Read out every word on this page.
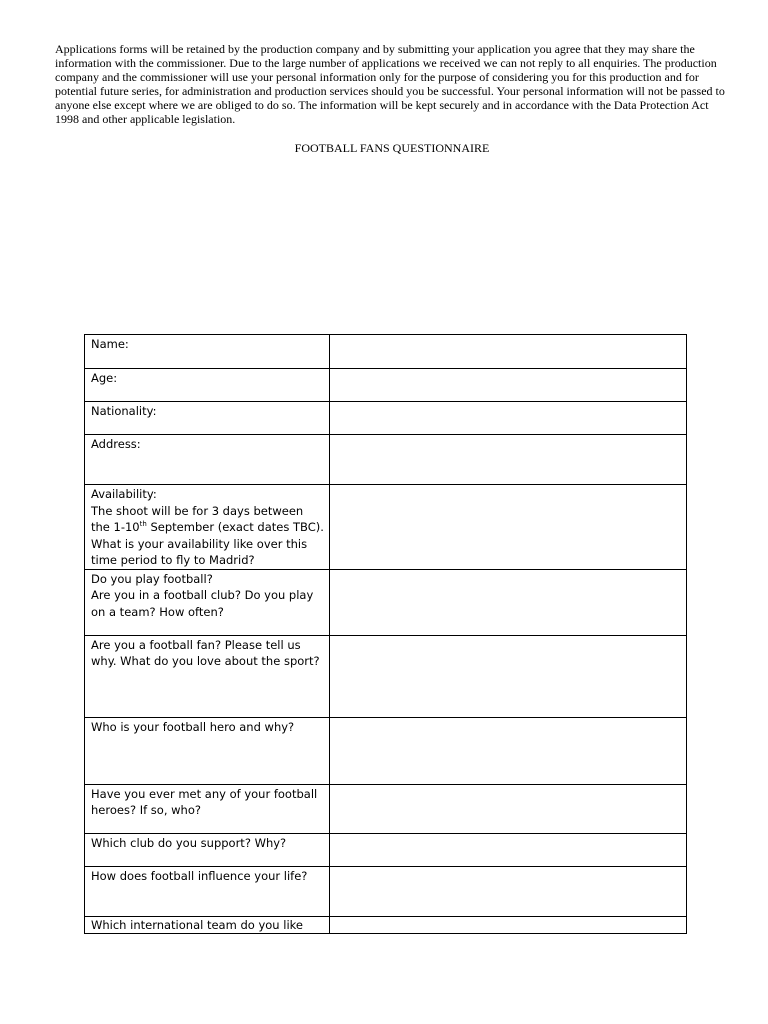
Applications forms will be retained by the production company and by submitting your application you agree that they may share the information with the commissioner. Due to the large number of applications we received we can not reply to all enquiries. The production company and the commissioner will use your personal information only for the purpose of considering you for this production and for potential future series, for administration and production services should you be successful. Your personal information will not be passed to anyone else except where we are obliged to do so. The information will be kept securely and in accordance with the Data Protection Act 1998 and other applicable legislation.

FOOTBALL FANS QUESTIONNAIRE

Name:	

Age:	

Nationality:	

Address:	

Availability:
The shoot will be for 3 days between the 1-10th September (exact dates TBC). What is your availability like over this time period to fly to Madrid?	

Do you play football?
Are you in a football club? Do you play on a team? How often?	

Are you a football fan? Please tell us why. What do you love about the sport?	

Who is your football hero and why?	

Have you ever met any of your football heroes? If so, who?	

Which club do you support? Why?	

How does football influence your life?	

Which international team do you like	
